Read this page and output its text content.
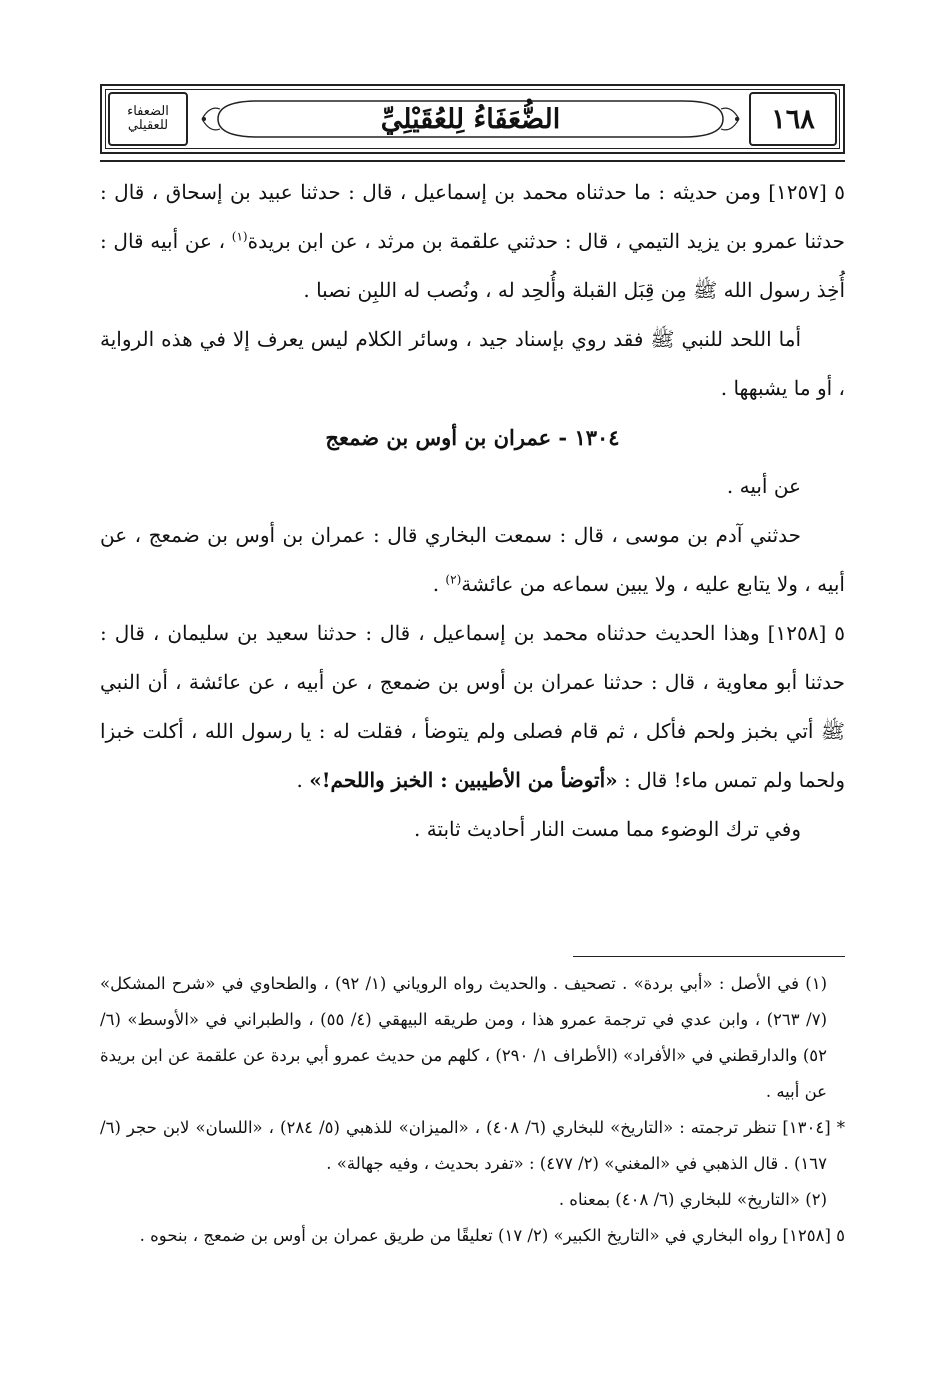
الضعفاء للعقيلي	الضُّعَفَاءُ لِلعُقَيْلِيِّ	١٦٨

٥ [١٢٥٧] ومن حديثه : ما حدثناه محمد بن إسماعيل ، قال : حدثنا عبيد بن إسحاق ، قال : حدثنا عمرو بن يزيد التيمي ، قال : حدثني علقمة بن مرثد ، عن ابن بريدة$^{(١)}$ ، عن أبيه قال : أُخِذ رسول الله ﷺ مِن قِبَل القبلة وأُلحِد له ، ونُصب له اللبِن نصبا .

أما اللحد للنبي ﷺ فقد روي بإسناد جيد ، وسائر الكلام ليس يعرف إلا في هذه الرواية ، أو ما يشبهها .

١٣٠٤ - عمران بن أوس بن ضمعج

عن أبيه .

حدثني آدم بن موسى ، قال : سمعت البخاري قال : عمران بن أوس بن ضمعج ، عن أبيه ، ولا يتابع عليه ، ولا يبين سماعه من عائشة$^{(٢)}$ .

٥ [١٢٥٨] وهذا الحديث حدثناه محمد بن إسماعيل ، قال : حدثنا سعيد بن سليمان ، قال : حدثنا أبو معاوية ، قال : حدثنا عمران بن أوس بن ضمعج ، عن أبيه ، عن عائشة ، أن النبي ﷺ أتي بخبز ولحم فأكل ، ثم قام فصلى ولم يتوضأ ، فقلت له : يا رسول الله ، أكلت خبزا ولحما ولم تمس ماء! قال : «أتوضأ من الأطيبين : الخبز واللحم!» .

وفي ترك الوضوء مما مست النار أحاديث ثابتة .

(١) في الأصل : «أبي بردة» . تصحيف . والحديث رواه الروياني (١/ ٩٢) ، والطحاوي في «شرح المشكل» (٧/ ٢٦٣) ، وابن عدي في ترجمة عمرو هذا ، ومن طريقه البيهقي (٤/ ٥٥) ، والطبراني في «الأوسط» (٦/ ٥٢) والدارقطني في «الأفراد» (الأطراف ١/ ٢٩٠) ، كلهم من حديث عمرو أبي بردة عن علقمة عن ابن بريدة عن أبيه .

* [١٣٠٤] تنظر ترجمته : «التاريخ» للبخاري (٦/ ٤٠٨) ، «الميزان» للذهبي (٥/ ٢٨٤) ، «اللسان» لابن حجر (٦/ ١٦٧) . قال الذهبي في «المغني» (٢/ ٤٧٧) : «تفرد بحديث ، وفيه جهالة» .

(٢) «التاريخ» للبخاري (٦/ ٤٠٨) بمعناه .

٥ [١٢٥٨] رواه البخاري في «التاريخ الكبير» (٢/ ١٧) تعليقًا من طريق عمران بن أوس بن ضمعج ، بنحوه .
